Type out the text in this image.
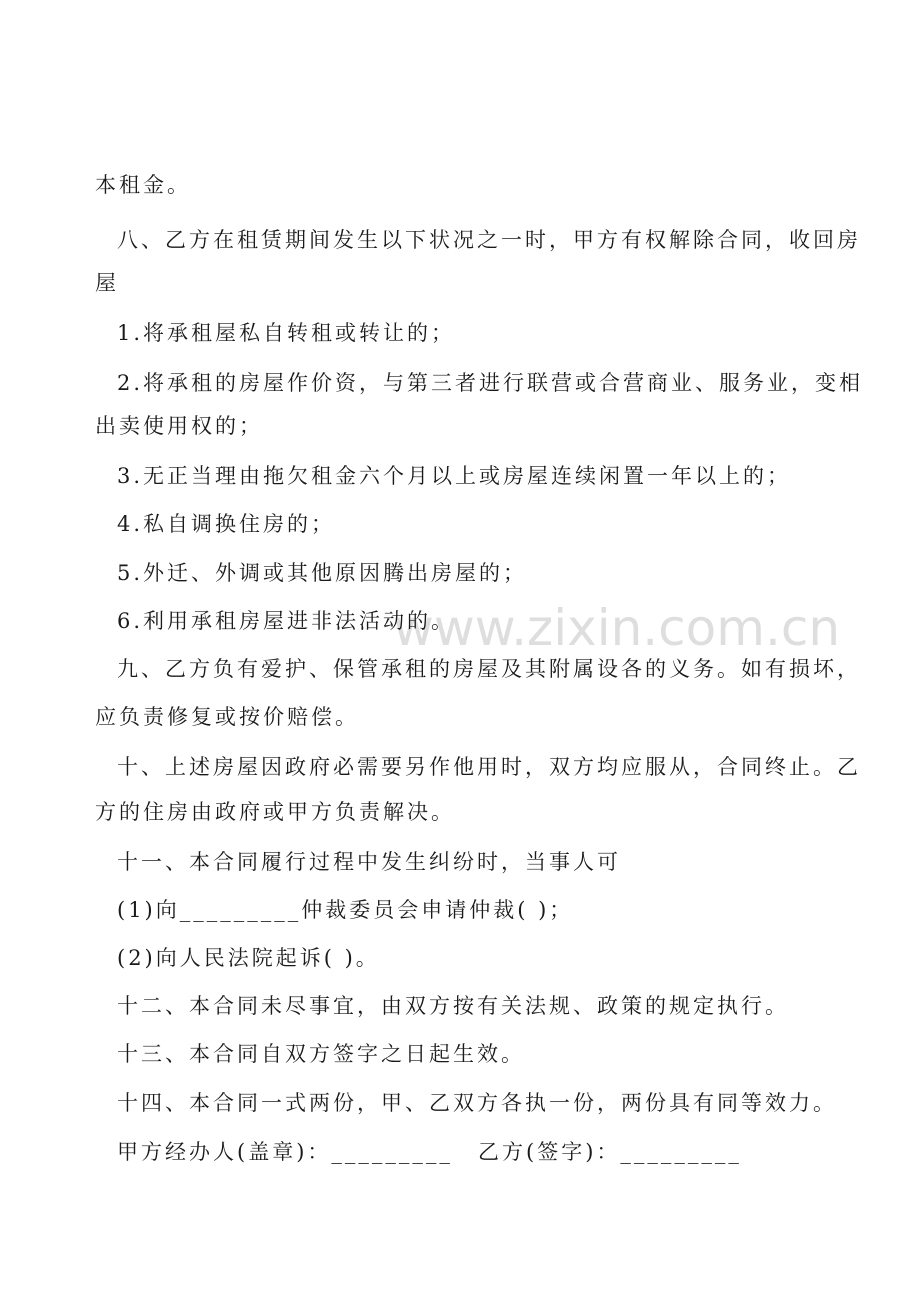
www.zixin.com.cn
本租金。
八、乙方在租赁期间发生以下状况之一时，甲方有权解除合同，收回房
屋
1.将承租屋私自转租或转让的；
2.将承租的房屋作价资，与第三者进行联营或合营商业、服务业，变相
出卖使用权的；
3.无正当理由拖欠租金六个月以上或房屋连续闲置一年以上的；
4.私自调换住房的；
5.外迁、外调或其他原因腾出房屋的；
6.利用承租房屋进非法活动的。
九、乙方负有爱护、保管承租的房屋及其附属设各的义务。如有损坏，
应负责修复或按价赔偿。
十、上述房屋因政府必需要另作他用时，双方均应服从，合同终止。乙
方的住房由政府或甲方负责解决。
十一、本合同履行过程中发生纠纷时，当事人可
(1)向_________仲裁委员会申请仲裁( )；
(2)向人民法院起诉( )。
十二、本合同未尽事宜，由双方按有关法规、政策的规定执行。
十三、本合同自双方签字之日起生效。
十四、本合同一式两份，甲、乙双方各执一份，两份具有同等效力。
甲方经办人(盖章)：_________ 乙方(签字)：_________
